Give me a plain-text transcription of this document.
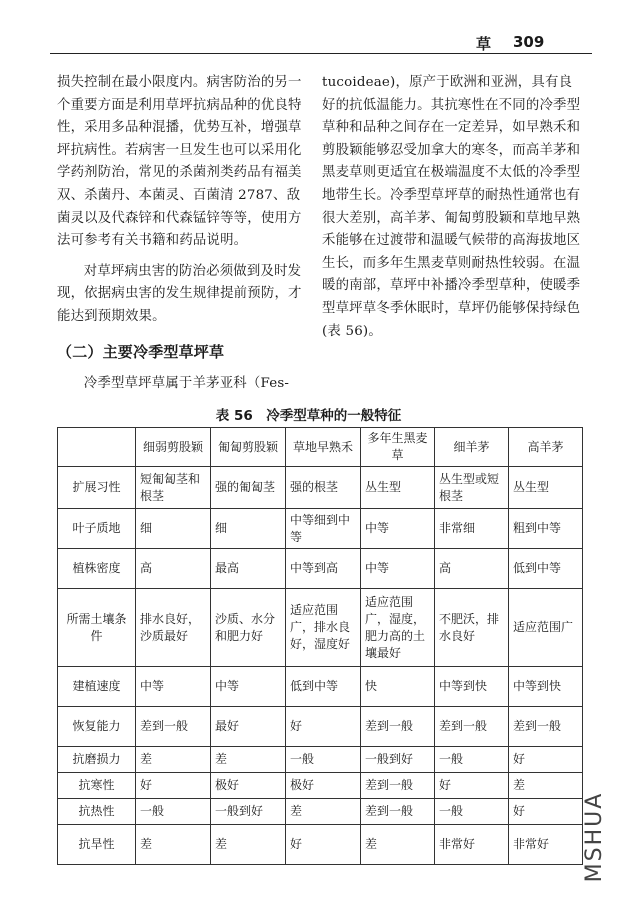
草 309

损失控制在最小限度内。病害防治的另一个重要方面是利用草坪抗病品种的优良特性，采用多品种混播，优势互补，增强草坪抗病性。若病害一旦发生也可以采用化学药剂防治，常见的杀菌剂类药品有福美双、杀菌丹、本菌灵、百菌清 2787、敌菌灵以及代森锌和代森锰锌等等，使用方法可参考有关书籍和药品说明。

对草坪病虫害的防治必须做到及时发现，依据病虫害的发生规律提前预防，才能达到预期效果。

（二）主要冷季型草坪草

冷季型草坪草属于羊茅亚科（Fes-

tucoideae)，原产于欧洲和亚洲，具有良好的抗低温能力。其抗寒性在不同的冷季型草种和品种之间存在一定差异，如早熟禾和剪股颖能够忍受加拿大的寒冬，而高羊茅和黑麦草则更适宜在极端温度不太低的冷季型地带生长。冷季型草坪草的耐热性通常也有很大差别，高羊茅、匍匐剪股颖和草地早熟禾能够在过渡带和温暖气候带的高海拔地区生长，而多年生黑麦草则耐热性较弱。在温暖的南部，草坪中补播冷季型草种，使暖季型草坪草冬季休眠时，草坪仍能够保持绿色(表 56)。

表 56　冷季型草种的一般特征
	细弱剪股颖	匍匐剪股颖	草地早熟禾	多年生黑麦草	细羊茅	高羊茅
扩展习性	短匍匐茎和根茎	强的匍匐茎	强的根茎	丛生型	丛生型或短根茎	丛生型
叶子质地	细	细	中等细到中等	中等	非常细	粗到中等
植株密度	高	最高	中等到高	中等	高	低到中等
所需土壤条件	排水良好，沙质最好	沙质、水分和肥力好	适应范围广，排水良好，湿度好	适应范围广，湿度，肥力高的土壤最好	不肥沃，排水良好	适应范围广
建植速度	中等	中等	低到中等	快	中等到快	中等到快
恢复能力	差到一般	最好	好	差到一般	差到一般	差到一般
抗磨损力	差	差	一般	一般到好	一般	好
抗寒性	好	极好	极好	差到一般	好	差
抗热性	一般	一般到好	差	差到一般	一般	好
抗旱性	差	差	好	差	非常好	非常好 MSHUA
